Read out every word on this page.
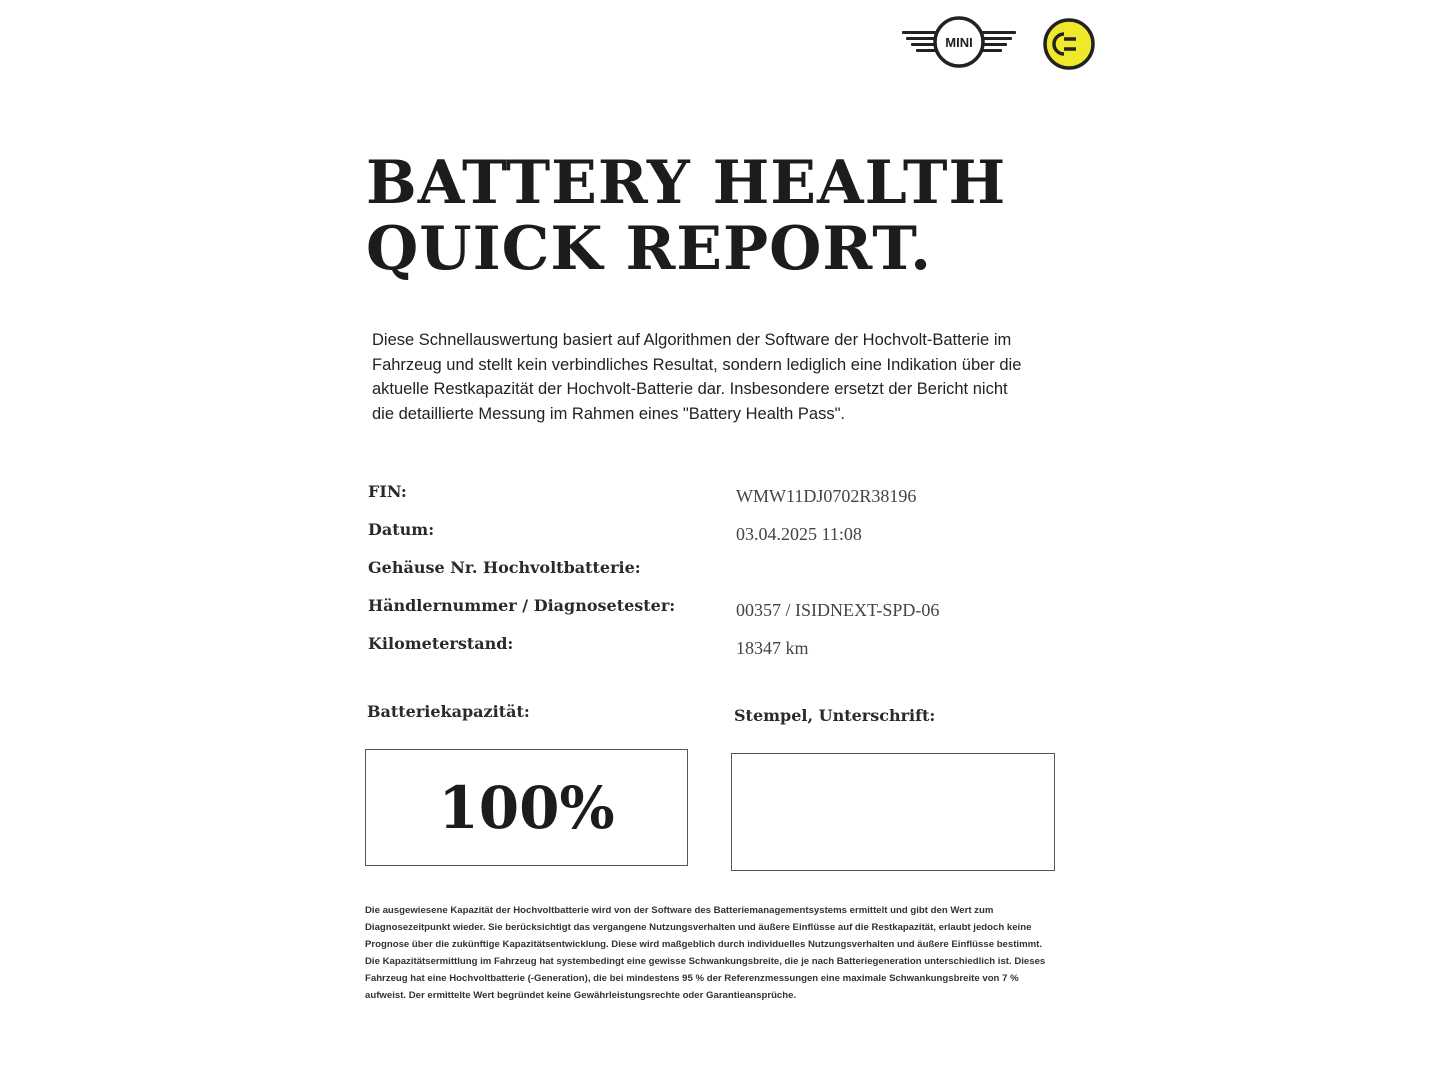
MINI
BATTERY HEALTH
QUICK REPORT.

Diese Schnellauswertung basiert auf Algorithmen der Software der Hochvolt-Batterie im Fahrzeug und stellt kein verbindliches Resultat, sondern lediglich eine Indikation über die aktuelle Restkapazität der Hochvolt-Batterie dar. Insbesondere ersetzt der Bericht nicht die detaillierte Messung im Rahmen eines "Battery Health Pass".

FIN:	WMW11DJ0702R38196
Datum:	03.04.2025 11:08
Gehäuse Nr. Hochvoltbatterie:
Händlernummer / Diagnosetester:	00357 / ISIDNEXT-SPD-06
Kilometerstand:	18347 km
Batteriekapazität:	Stempel, Unterschrift:
100%

Die ausgewiesene Kapazität der Hochvoltbatterie wird von der Software des Batteriemanagementsystems ermittelt und gibt den Wert zum Diagnosezeitpunkt wieder. Sie berücksichtigt das vergangene Nutzungsverhalten und äußere Einflüsse auf die Restkapazität, erlaubt jedoch keine Prognose über die zukünftige Kapazitätsentwicklung. Diese wird maßgeblich durch individuelles Nutzungsverhalten und äußere Einflüsse bestimmt. Die Kapazitätsermittlung im Fahrzeug hat systembedingt eine gewisse Schwankungsbreite, die je nach Batteriegeneration unterschiedlich ist. Dieses Fahrzeug hat eine Hochvoltbatterie (-Generation), die bei mindestens 95 % der Referenzmessungen eine maximale Schwankungsbreite von 7 % aufweist. Der ermittelte Wert begründet keine Gewährleistungsrechte oder Garantieansprüche.
